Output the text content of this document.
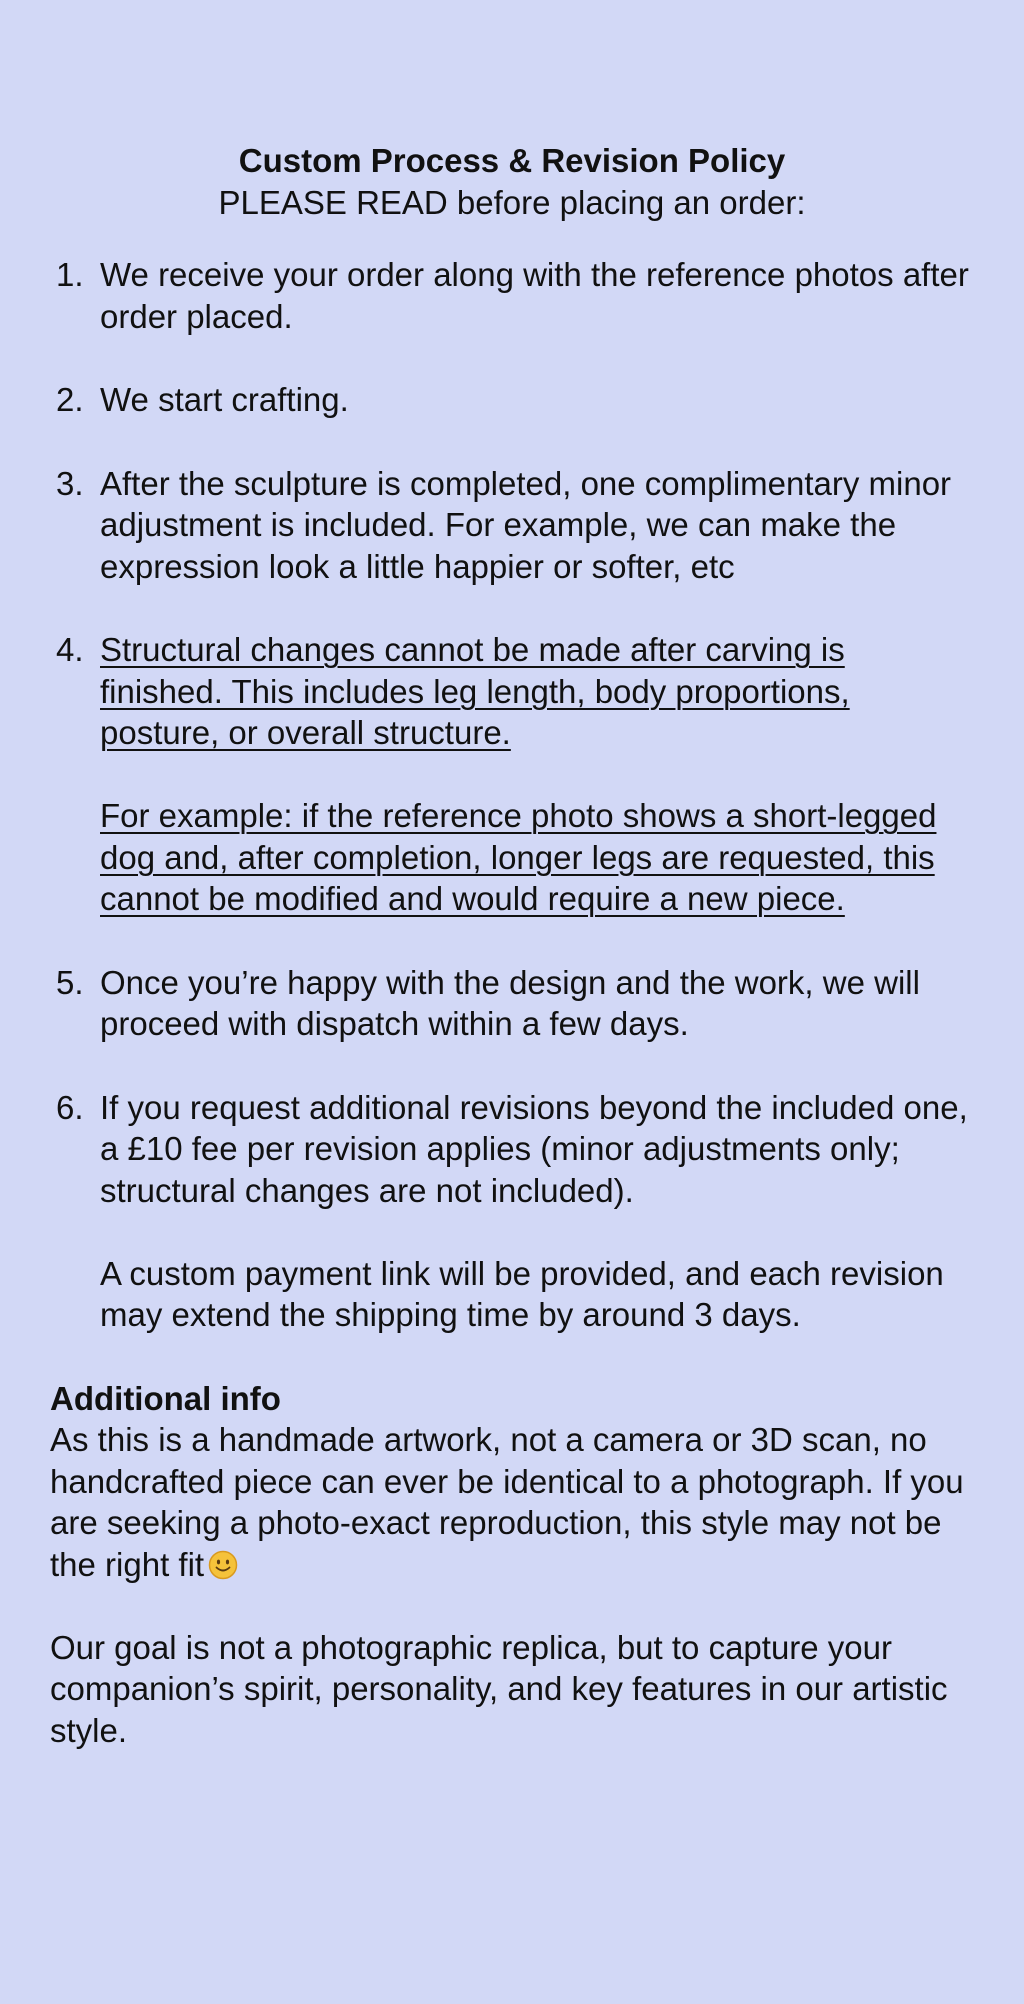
Custom Process & Revision Policy

PLEASE READ before placing an order:

1. We receive your order along with the reference photos after order placed.

2. We start crafting.

3. After the sculpture is completed, one complimentary minor adjustment is included. For example, we can make the expression look a little happier or softer, etc

4. Structural changes cannot be made after carving is finished. This includes leg length, body proportions, posture, or overall structure.

For example: if the reference photo shows a short-legged dog and, after completion, longer legs are requested, this cannot be modified and would require a new piece.

5. Once you’re happy with the design and the work, we will proceed with dispatch within a few days.

6. If you request additional revisions beyond the included one, a £10 fee per revision applies (minor adjustments only; structural changes are not included).

A custom payment link will be provided, and each revision may extend the shipping time by around 3 days.

Additional info

As this is a handmade artwork, not a camera or 3D scan, no handcrafted piece can ever be identical to a photograph. If you are seeking a photo-exact reproduction, this style may not be the right fit

Our goal is not a photographic replica, but to capture your companion’s spirit, personality, and key features in our artistic style.
